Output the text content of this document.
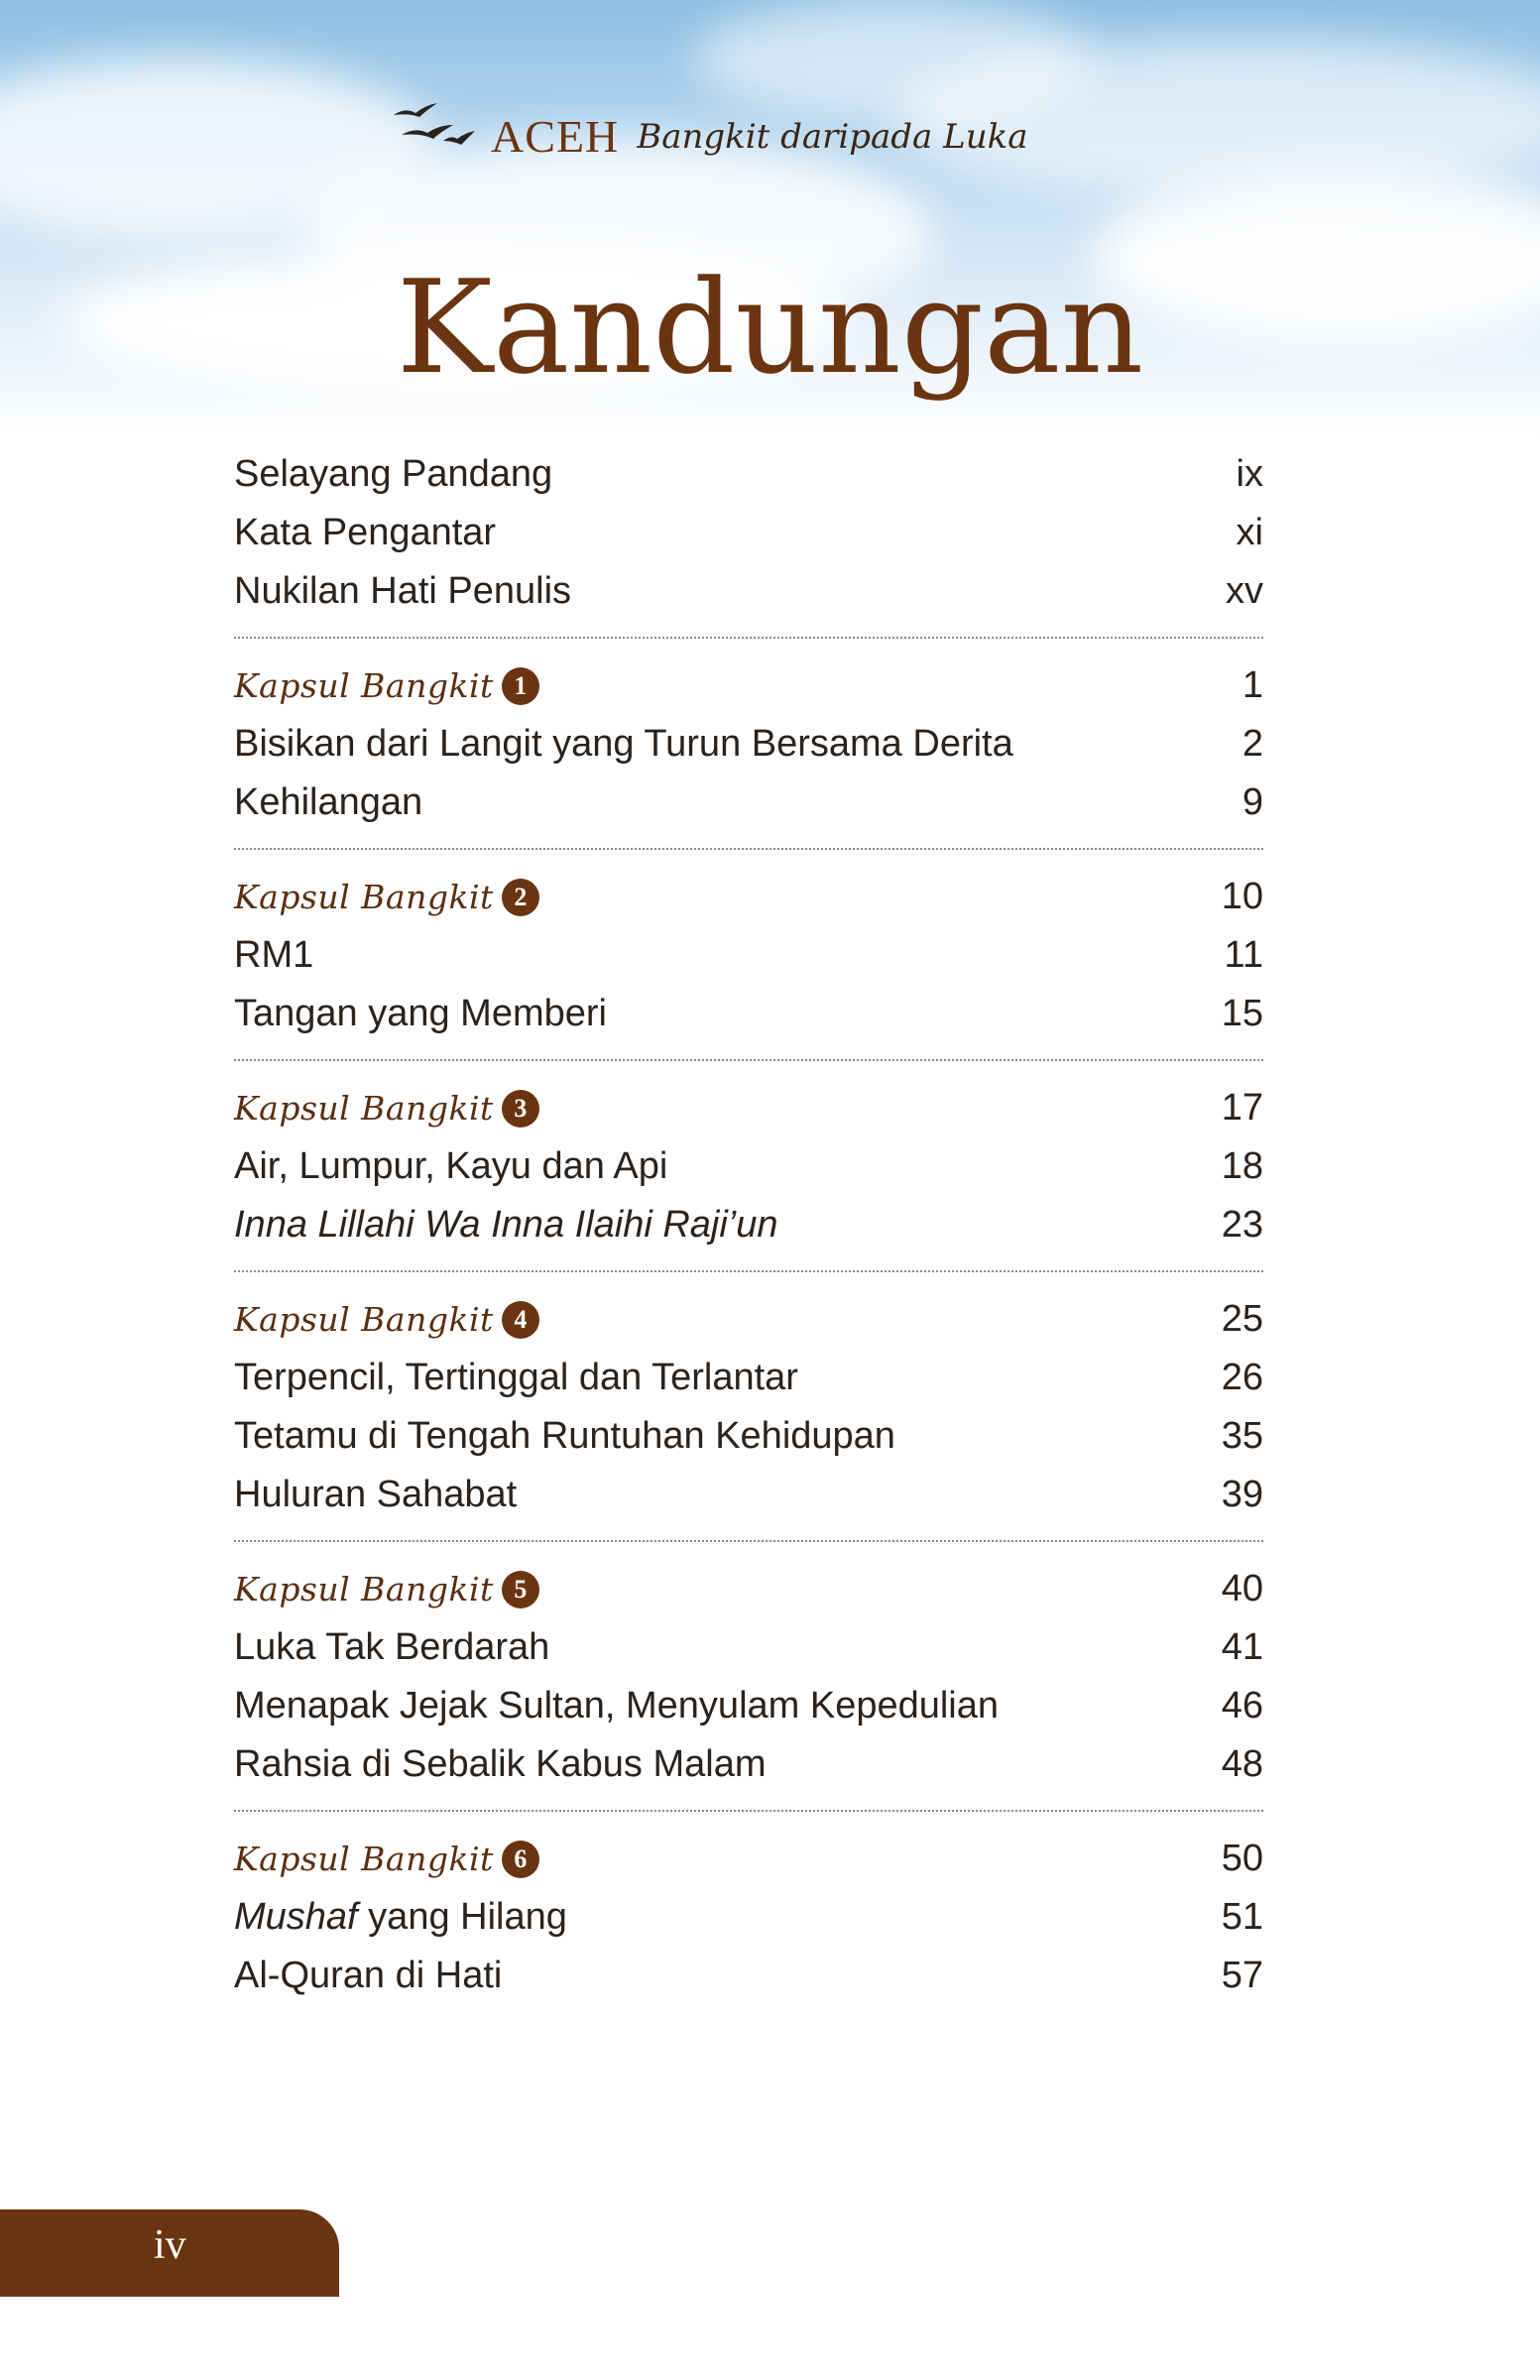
ACEH Bangkit daripada Luka
Kandungan
Selayang Pandang	ix
Kata Pengantar	xi
Nukilan Hati Penulis	xv
Kapsul Bangkit 1	1
Bisikan dari Langit yang Turun Bersama Derita	2
Kehilangan	9
Kapsul Bangkit 2	10
RM1	11
Tangan yang Memberi	15
Kapsul Bangkit 3	17
Air, Lumpur, Kayu dan Api	18
Inna Lillahi Wa Inna Ilaihi Raji’un	23
Kapsul Bangkit 4	25
Terpencil, Tertinggal dan Terlantar	26
Tetamu di Tengah Runtuhan Kehidupan	35
Huluran Sahabat	39
Kapsul Bangkit 5	40
Luka Tak Berdarah	41
Menapak Jejak Sultan, Menyulam Kepedulian	46
Rahsia di Sebalik Kabus Malam	48
Kapsul Bangkit 6	50
Mushaf yang Hilang	51
Al-Quran di Hati	57
iv
